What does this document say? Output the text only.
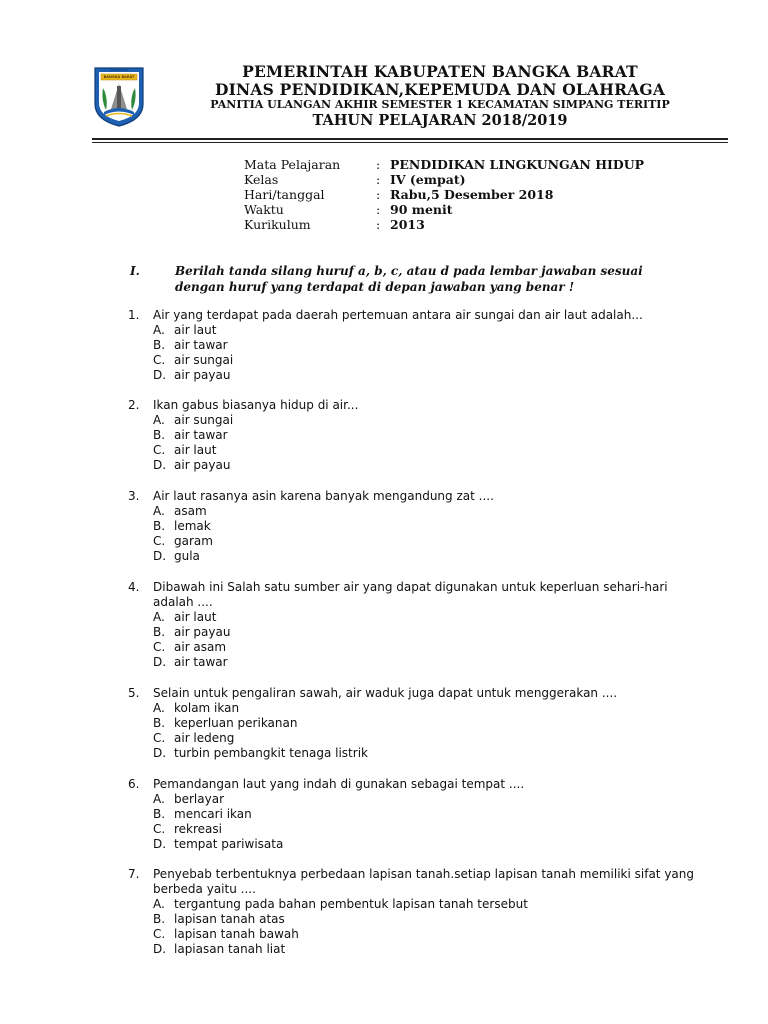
KABUPATEN
BANGKA BARAT	PEMERINTAH KABUPATEN BANGKA BARAT
DINAS PENDIDIKAN,KEPEMUDA DAN OLAHRAGA
PANITIA ULANGAN AKHIR SEMESTER 1 KECAMATAN SIMPANG TERITIP
TAHUN PELAJARAN 2018/2019
Mata Pelajaran	: PENDIDIKAN LINGKUNGAN HIDUP
Kelas	: IV (empat)
Hari/tanggal	: Rabu,5 Desember 2018
Waktu	: 90 menit
Kurikulum	: 2013
I.	Berilah tanda silang huruf a, b, c, atau d pada lembar jawaban sesuai dengan huruf yang terdapat di depan jawaban yang benar !
1. Air yang terdapat pada daerah pertemuan antara air sungai dan air laut adalah...
A. air laut
B. air tawar
C. air sungai
D. air payau
2. Ikan gabus biasanya hidup di air...
A. air sungai
B. air tawar
C. air laut
D. air payau
3. Air laut rasanya asin karena banyak mengandung zat ....
A. asam
B. lemak
C. garam
D. gula
4. Dibawah ini Salah satu sumber air yang dapat digunakan untuk keperluan sehari-hari adalah ....
A. air laut
B. air payau
C. air asam
D. air tawar
5. Selain untuk pengaliran sawah, air waduk juga dapat untuk menggerakan ....
A. kolam ikan
B. keperluan perikanan
C. air ledeng
D. turbin pembangkit tenaga listrik
6. Pemandangan laut yang indah di gunakan sebagai tempat ....
A. berlayar
B. mencari ikan
C. rekreasi
D. tempat pariwisata
7. Penyebab terbentuknya perbedaan lapisan tanah.setiap lapisan tanah memiliki sifat yang berbeda yaitu ....
A. tergantung pada bahan pembentuk lapisan tanah tersebut
B. lapisan tanah atas
C. lapisan tanah bawah
D. lapiasan tanah liat
